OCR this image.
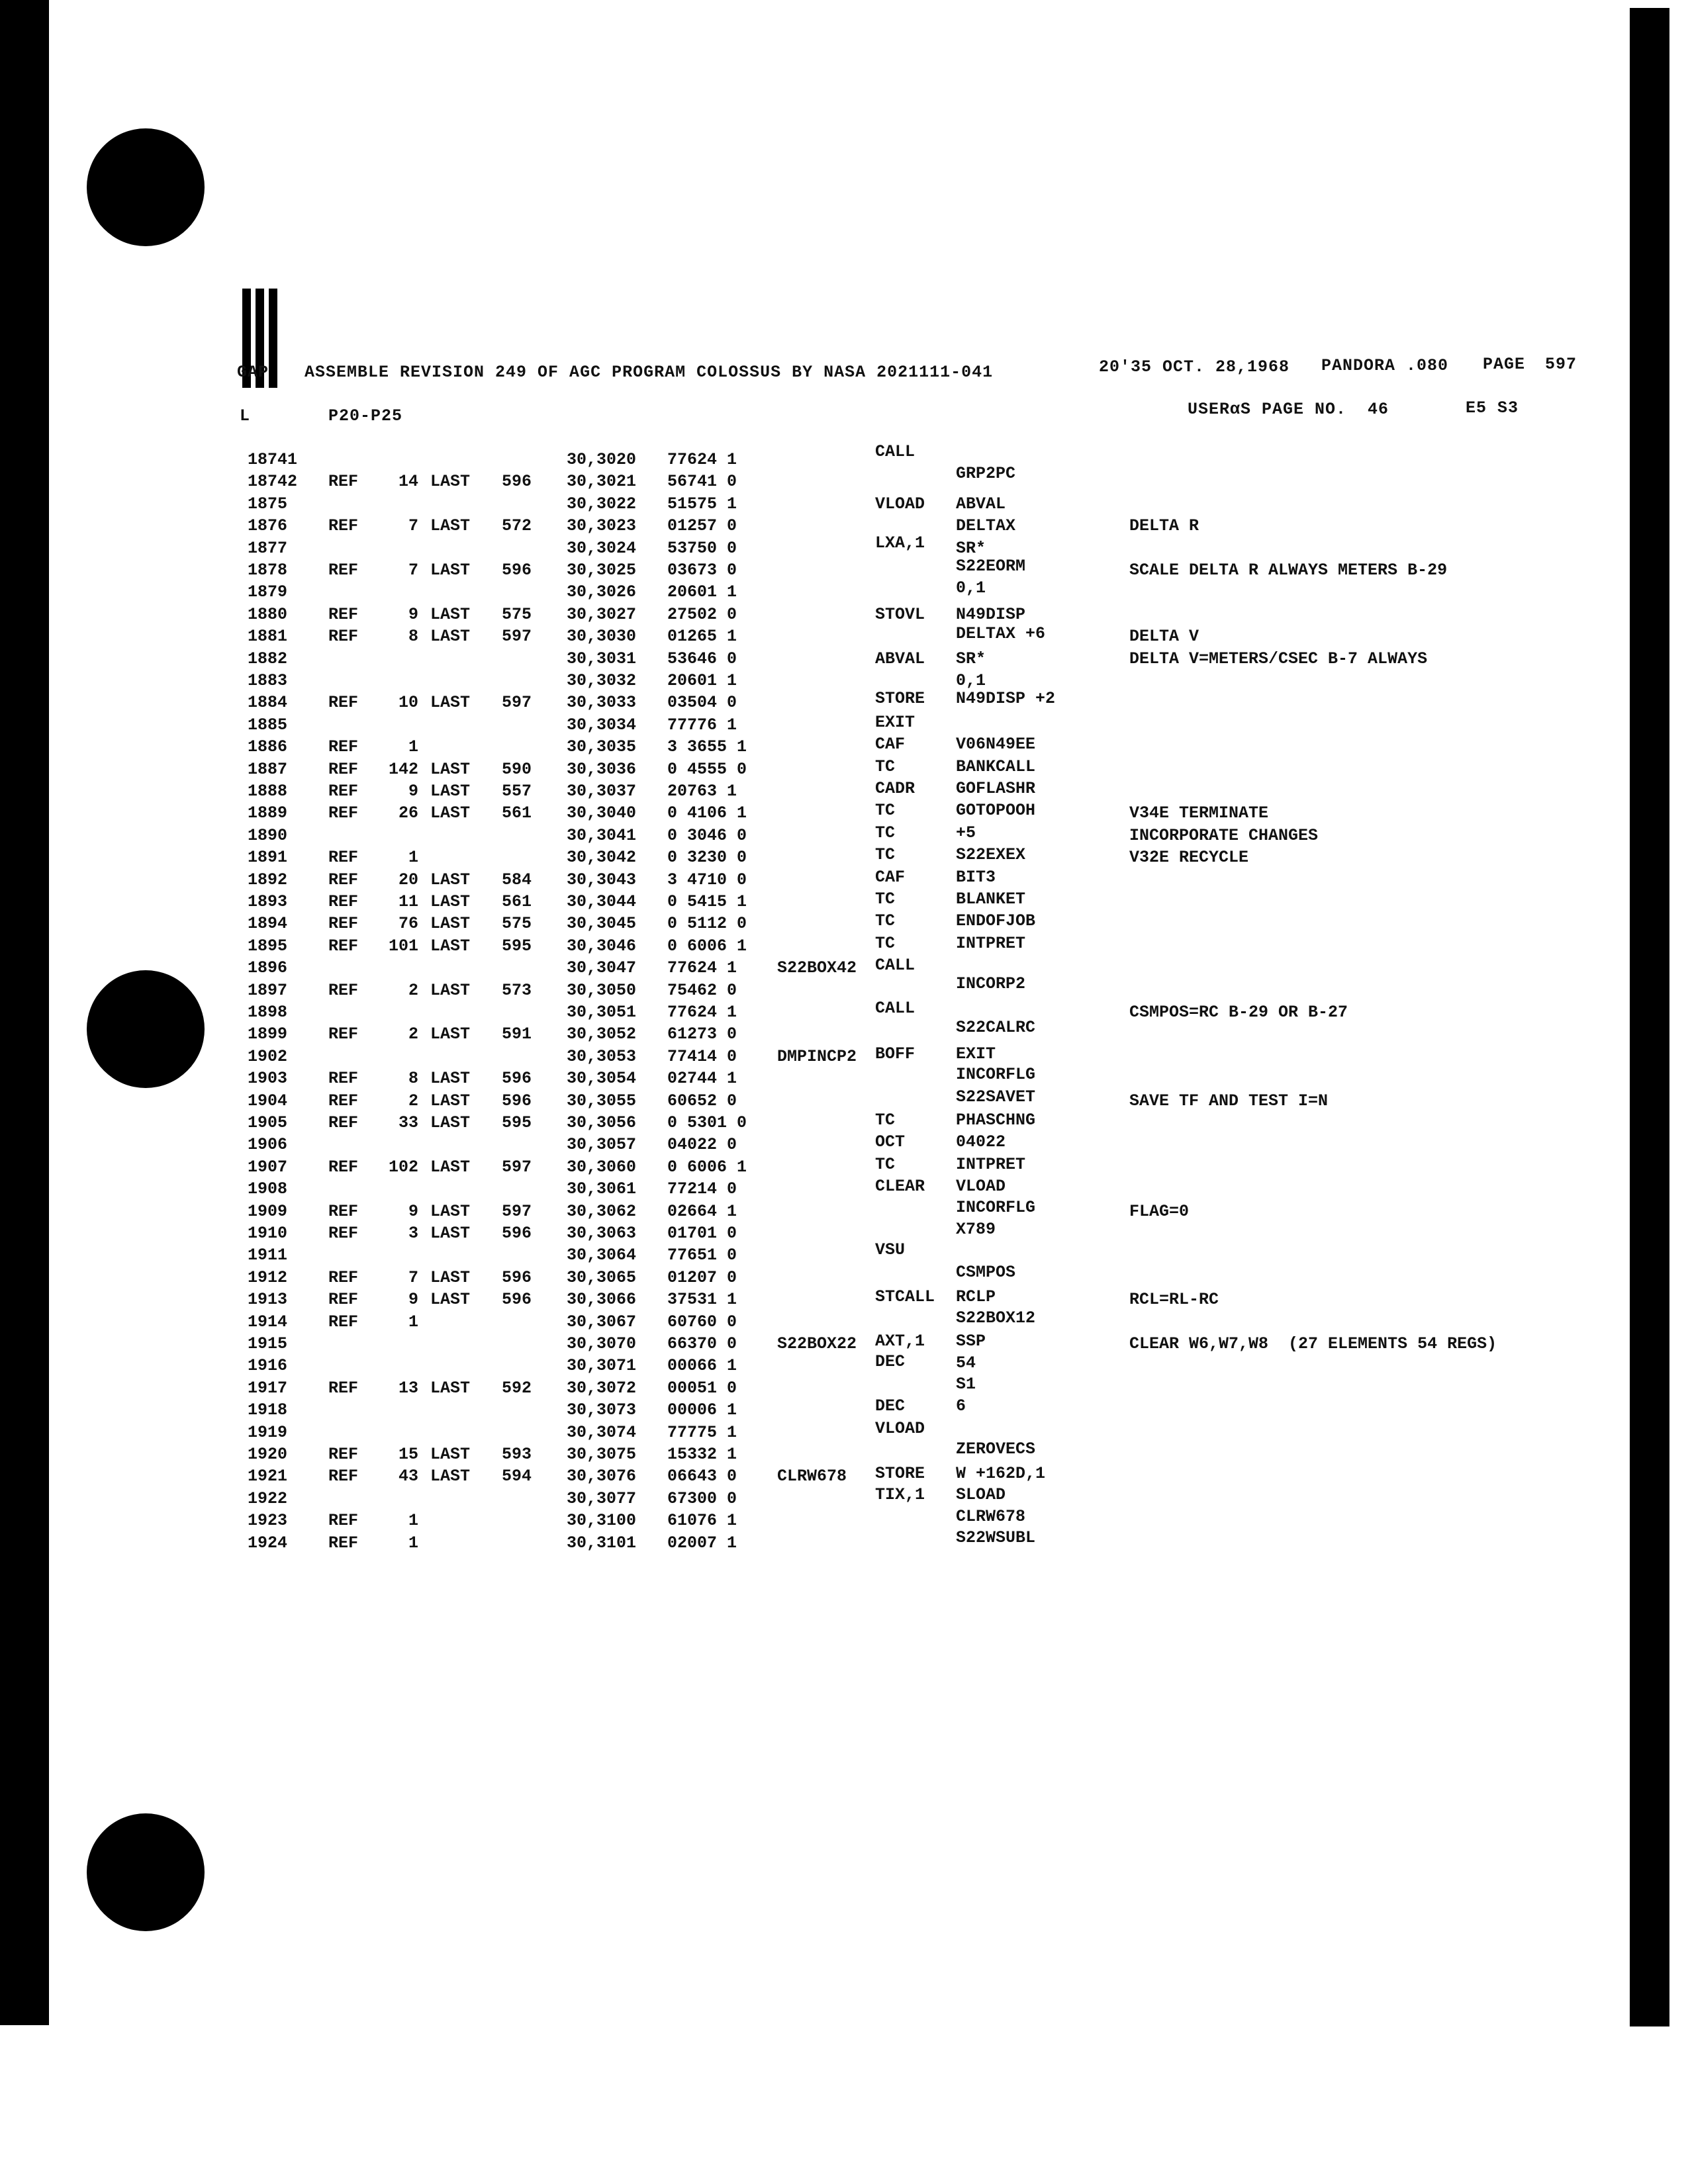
GAP ASSEMBLE REVISION 249 OF AGC PROGRAM COLOSSUS BY NASA 2021111-041	20'35 OCT. 28,1968 PANDORA .080 PAGE 597
L	P20-P25	USERαS PAGE NO.  46	E5 S3
18741	30,3020 77624 1	CALL
18742 REF	14 LAST 596 30,3021 56741 0	GRP2PC
1875	30,3022 51575 1	VLOAD ABVAL
1876 REF	7 LAST 572 30,3023 01257 0	DELTAX	DELTA R
1877	30,3024 53750 0	LXA,1 SR*
1878 REF	7 LAST 596 30,3025 03673 0	S22EORM	SCALE DELTA R ALWAYS METERS B-29
1879	30,3026 20601 1	0,1
1880 REF	9 LAST 575 30,3027 27502 0	STOVL N49DISP
1881 REF	8 LAST 597 30,3030 01265 1	DELTAX +6	DELTA V
1882	30,3031 53646 0	ABVAL SR*	DELTA V=METERS/CSEC B-7 ALWAYS
1883	30,3032 20601 1	0,1
1884 REF	10 LAST 597 30,3033 03504 0	STORE N49DISP +2
1885	30,3034 77776 1	EXIT
1886 REF	1	30,3035 3 3655 1	CAF	V06N49EE
1887 REF	142 LAST 590 30,3036 0 4555 0	TC	BANKCALL
1888 REF	9 LAST 557 30,3037 20763 1	CADR GOFLASHR
1889 REF	26 LAST 561 30,3040 0 4106 1	TC	GOTOPOOH	V34E TERMINATE
1890	30,3041 0 3046 0	TC	+5	INCORPORATE CHANGES
1891 REF	1	30,3042 0 3230 0	TC	S22EXEX	V32E RECYCLE
1892 REF	20 LAST 584 30,3043 3 4710 0	CAF	BIT3
1893 REF	11 LAST 561 30,3044 0 5415 1	TC	BLANKET
1894 REF	76 LAST 575 30,3045 0 5112 0	TC	ENDOFJOB
1895 REF	101 LAST 595 30,3046 0 6006 1	TC	INTPRET
1896	30,3047 77624 1 S22BOX42 CALL
1897 REF	2 LAST 573 30,3050 75462 0	INCORP2
1898	30,3051 77624 1	CALL	CSMPOS=RC B-29 OR B-27
1899 REF	2 LAST 591 30,3052 61273 0	S22CALRC
1902	30,3053 77414 0 DMPINCP2 BOFF EXIT
1903 REF	8 LAST 596 30,3054 02744 1	INCORFLG
1904 REF	2 LAST 596 30,3055 60652 0	S22SAVET	SAVE TF AND TEST I=N
1905 REF	33 LAST 595 30,3056 0 5301 0	TC	PHASCHNG
1906	30,3057 04022 0	OCT	04022
1907 REF	102 LAST 597 30,3060 0 6006 1	TC	INTPRET
1908	30,3061 77214 0	CLEAR VLOAD
1909 REF	9 LAST 597 30,3062 02664 1	INCORFLG	FLAG=0
1910 REF	3 LAST 596 30,3063 01701 0	X789
1911	30,3064 77651 0	VSU
1912 REF	7 LAST 596 30,3065 01207 0	CSMPOS
1913 REF	9 LAST 596 30,3066 37531 1	STCALL RCLP	RCL=RL-RC
1914 REF	1	30,3067 60760 0	S22BOX12
1915	30,3070 66370 0 S22BOX22 AXT,1 SSP	CLEAR W6,W7,W8  (27 ELEMENTS 54 REGS)
1916	30,3071 00066 1	DEC	54
1917 REF	13 LAST 592 30,3072 00051 0	S1
1918	30,3073 00006 1	DEC	6
1919	30,3074 77775 1	VLOAD
1920 REF	15 LAST 593 30,3075 15332 1	ZEROVECS
1921 REF	43 LAST 594 30,3076 06643 0 CLRW678 STORE W +162D,1
1922	30,3077 67300 0	TIX,1 SLOAD
1923 REF	1	30,3100 61076 1	CLRW678
1924 REF	1	30,3101 02007 1	S22WSUBL
